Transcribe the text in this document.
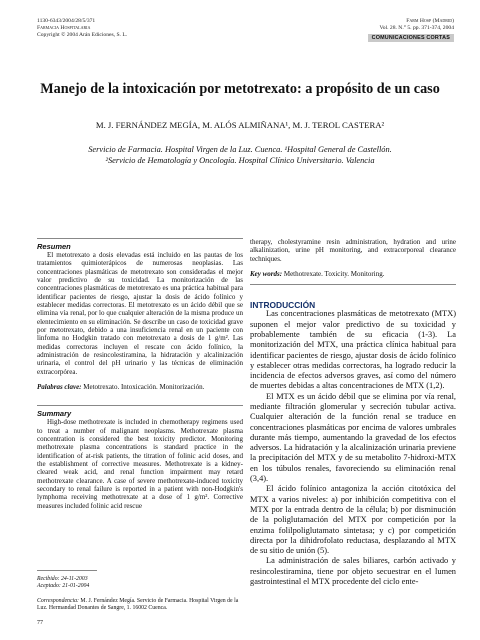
1130-6343/2004/28/5/371
Farmacia Hospitalaria
Copyright © 2004 Arán Ediciones, S. L.
Farm Hosp (Madrid)
Vol. 28. N.° 5. pp. 371-374, 2004
COMUNICACIONES CORTAS
Manejo de la intoxicación por metotrexato: a propósito de un caso
M. J. FERNÁNDEZ MEGÍA, M. ALÓS ALMIÑANA¹, M. J. TEROL CASTERA²
Servicio de Farmacia. Hospital Virgen de la Luz. Cuenca. ¹Hospital General de Castellón.
²Servicio de Hematología y Oncología. Hospital Clínico Universitario. Valencia

Resumen

El metotrexato a dosis elevadas está incluido en las pautas de los tratamientos quimioterápicos de numerosas neoplasias. Las concentraciones plasmáticas de metotrexato son consideradas el mejor valor predictivo de su toxicidad. La monitorización de las concentraciones plasmáticas de metotrexato es una práctica habitual para identificar pacientes de riesgo, ajustar la dosis de ácido folínico y establecer medidas correctoras. El metotrexato es un ácido débil que se elimina vía renal, por lo que cualquier alteración de la misma produce un elentecimiento en su eliminación. Se describe un caso de toxicidad grave por metotrexato, debido a una insuficiencia renal en un paciente con linfoma no Hodgkin tratado con metotrexato a dosis de 1 g/m². Las medidas correctoras incluyen el rescate con ácido folínico, la administración de resincolestiramina, la hidratación y alcalinización urinaria, el control del pH urinario y las técnicas de eliminación extracorpórea.

Palabras clave: Metotrexato. Intoxicación. Monitorización.

Summary

High-dose methotrexate is included in chemotherapy regimens used to treat a number of malignant neoplasms. Methotrexate plasma concentration is considered the best toxicity predictor. Monitoring methotrexate plasma concentrations is standard practice in the identification of at-risk patients, the titration of folinic acid doses, and the establishment of corrective measures. Methotrexate is a kidney-cleared weak acid, and renal function impairment may retard methotrexate clearance. A case of severe methotrexate-induced toxicity secondary to renal failure is reported in a patient with non-Hodgkin's lymphoma receiving methotrexate at a dose of 1 g/m². Corrective measures included folinic acid rescue

therapy, cholestyramine resin administration, hydration and urine alkalinization, urine pH monitoring, and extracorporeal clearance techniques.

Key words: Methotrexate. Toxicity. Monitoring.

INTRODUCCIÓN

Las concentraciones plasmáticas de metotrexato (MTX) suponen el mejor valor predictivo de su toxicidad y probablemente también de su eficacia (1-3). La monitorización del MTX, una práctica clínica habitual para identificar pacientes de riesgo, ajustar dosis de ácido folínico y establecer otras medidas correctoras, ha logrado reducir la incidencia de efectos adversos graves, así como del número de muertes debidas a altas concentraciones de MTX (1,2).

El MTX es un ácido débil que se elimina por vía renal, mediante filtración glomerular y secreción tubular activa. Cualquier alteración de la función renal se traduce en concentraciones plasmáticas por encima de valores umbrales durante más tiempo, aumentando la gravedad de los efectos adversos. La hidratación y la alcalinización urinaria previene la precipitación del MTX y de su metabolito 7-hidroxi-MTX en los túbulos renales, favoreciendo su eliminación renal (3,4).

El ácido folínico antagoniza la acción citotóxica del MTX a varios niveles: a) por inhibición competitiva con el MTX por la entrada dentro de la célula; b) por disminución de la poliglutamación del MTX por competición por la enzima folilpoliglutamato sintetasa; y c) por competición directa por la dihidrofolato reductasa, desplazando al MTX de su sitio de unión (5).

La administración de sales biliares, carbón activado y resincolestiramina, tiene por objeto secuestrar en el lumen gastrointestinal el MTX procedente del ciclo ente-

Recibido: 24-11-2003

Aceptado: 21-01-2004

Correspondencia: M. J. Fernández Megía. Servicio de Farmacia. Hospital Virgen de la Luz. Hermandad Donantes de Sangre, 1. 16002 Cuenca.

77
